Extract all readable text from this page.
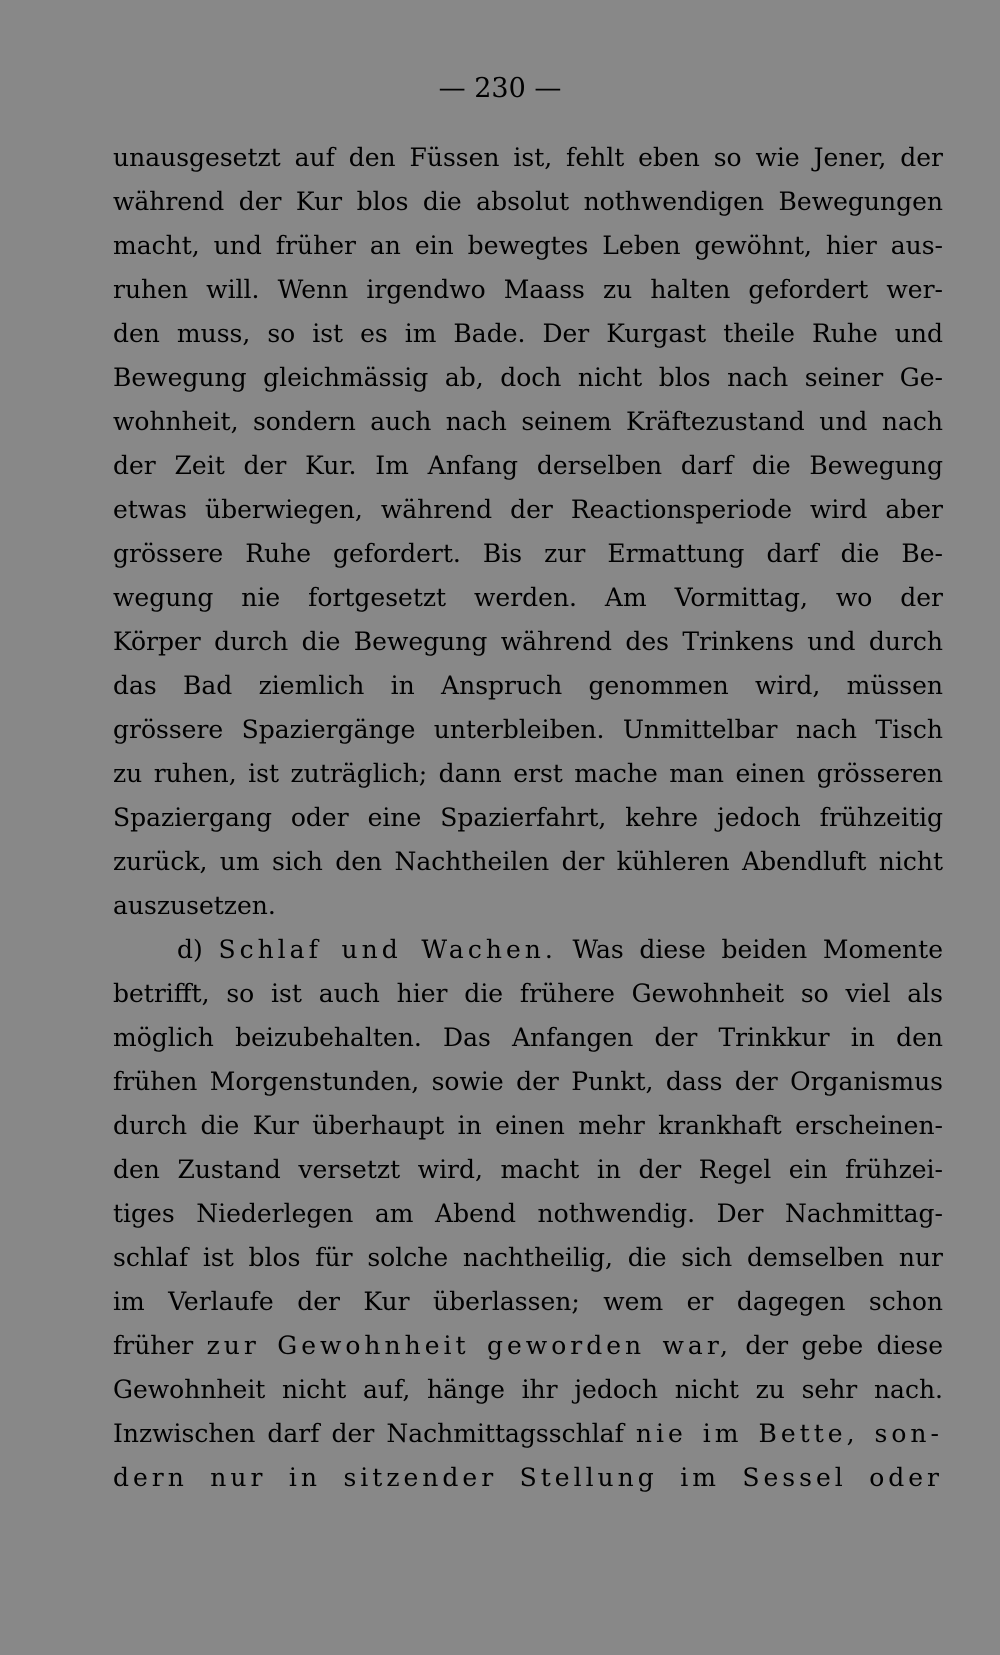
— 230 —
unausgesetzt auf den Füssen ist, fehlt eben so wie Jener, der
während der Kur blos die absolut nothwendigen Bewegungen
macht, und früher an ein bewegtes Leben gewöhnt, hier aus-
ruhen will. Wenn irgendwo Maass zu halten gefordert wer-
den muss, so ist es im Bade. Der Kurgast theile Ruhe und
Bewegung gleichmässig ab, doch nicht blos nach seiner Ge-
wohnheit, sondern auch nach seinem Kräftezustand und nach
der Zeit der Kur. Im Anfang derselben darf die Bewegung
etwas überwiegen, während der Reactionsperiode wird aber
grössere Ruhe gefordert. Bis zur Ermattung darf die Be-
wegung nie fortgesetzt werden. Am Vormittag, wo der
Körper durch die Bewegung während des Trinkens und durch
das Bad ziemlich in Anspruch genommen wird, müssen
grössere Spaziergänge unterbleiben. Unmittelbar nach Tisch
zu ruhen, ist zuträglich; dann erst mache man einen grösseren
Spaziergang oder eine Spazierfahrt, kehre jedoch frühzeitig
zurück, um sich den Nachtheilen der kühleren Abendluft nicht
auszusetzen.
d) Schlaf und Wachen. Was diese beiden Momente
betrifft, so ist auch hier die frühere Gewohnheit so viel als
möglich beizubehalten. Das Anfangen der Trinkkur in den
frühen Morgenstunden, sowie der Punkt, dass der Organismus
durch die Kur überhaupt in einen mehr krankhaft erscheinen-
den Zustand versetzt wird, macht in der Regel ein frühzei-
tiges Niederlegen am Abend nothwendig. Der Nachmittag-
schlaf ist blos für solche nachtheilig, die sich demselben nur
im Verlaufe der Kur überlassen; wem er dagegen schon
früher zur Gewohnheit geworden war, der gebe diese
Gewohnheit nicht auf, hänge ihr jedoch nicht zu sehr nach.
Inzwischen darf der Nachmittagsschlaf nie im Bette, son-
dern nur in sitzender Stellung im Sessel oder
